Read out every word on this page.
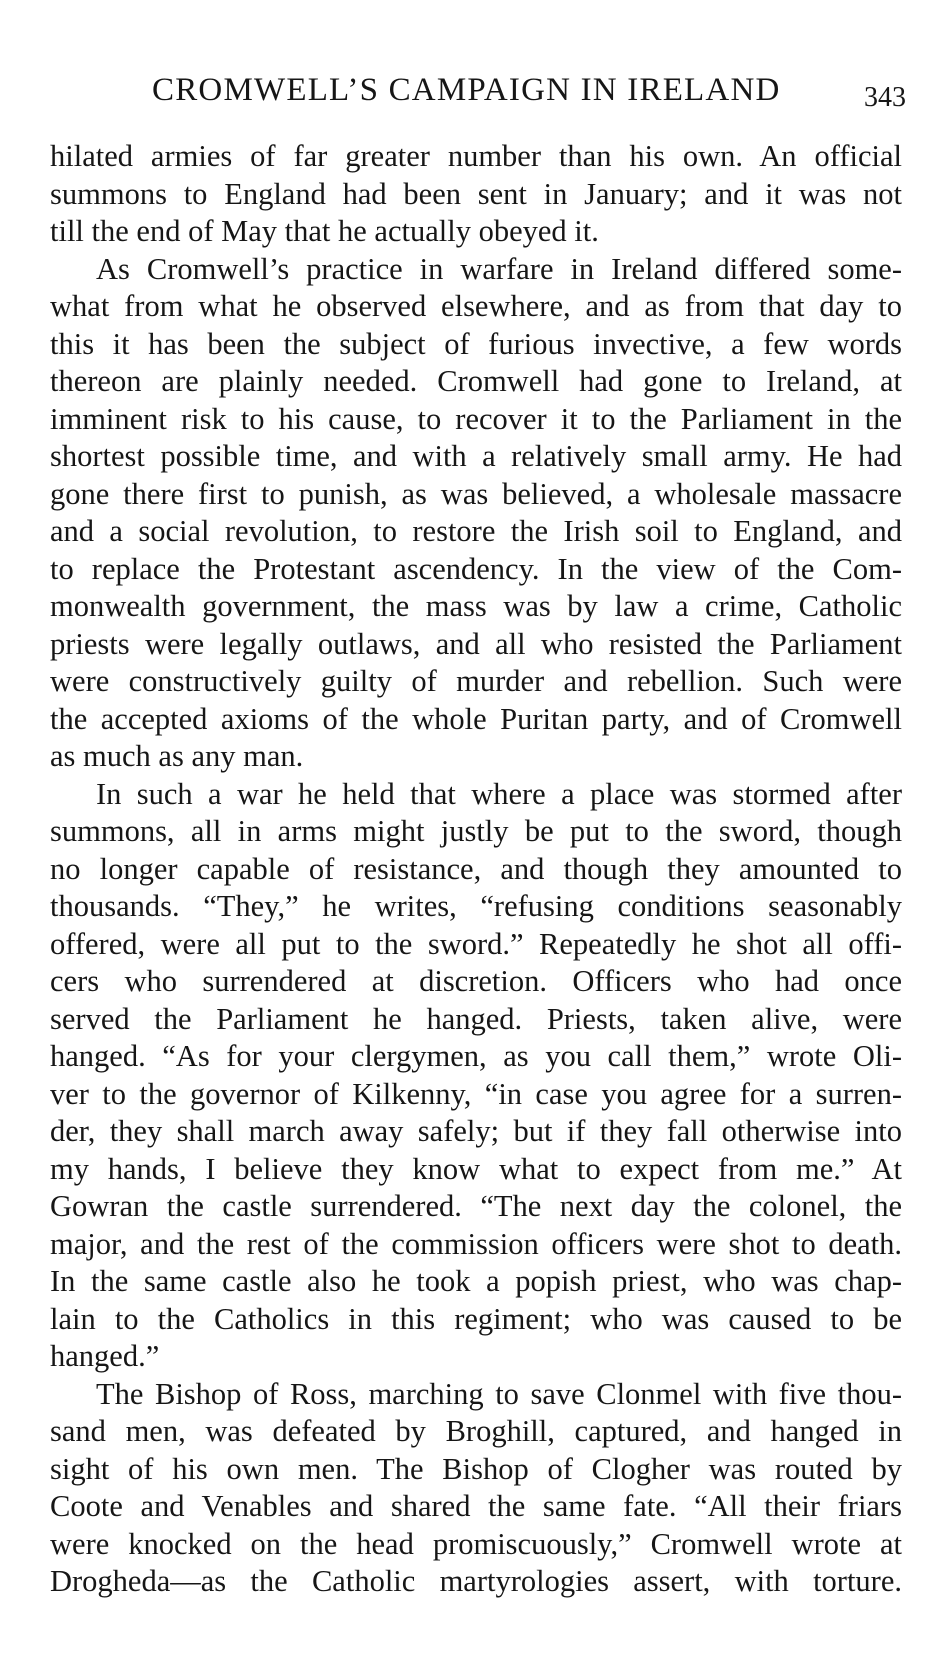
CROMWELL’S CAMPAIGN IN IRELAND	343
hilated armies of far greater number than his own. An official
summons to England had been sent in January; and it was not
till the end of May that he actually obeyed it.
As Cromwell’s practice in warfare in Ireland differed some-
what from what he observed elsewhere, and as from that day to
this it has been the subject of furious invective, a few words
thereon are plainly needed. Cromwell had gone to Ireland, at
imminent risk to his cause, to recover it to the Parliament in the
shortest possible time, and with a relatively small army. He had
gone there first to punish, as was believed, a wholesale massacre
and a social revolution, to restore the Irish soil to England, and
to replace the Protestant ascendency. In the view of the Com-
monwealth government, the mass was by law a crime, Catholic
priests were legally outlaws, and all who resisted the Parliament
were constructively guilty of murder and rebellion. Such were
the accepted axioms of the whole Puritan party, and of Cromwell
as much as any man.
In such a war he held that where a place was stormed after
summons, all in arms might justly be put to the sword, though
no longer capable of resistance, and though they amounted to
thousands. “They,” he writes, “refusing conditions seasonably
offered, were all put to the sword.” Repeatedly he shot all offi-
cers who surrendered at discretion. Officers who had once
served the Parliament he hanged. Priests, taken alive, were
hanged. “As for your clergymen, as you call them,” wrote Oli-
ver to the governor of Kilkenny, “in case you agree for a surren-
der, they shall march away safely; but if they fall otherwise into
my hands, I believe they know what to expect from me.” At
Gowran the castle surrendered. “The next day the colonel, the
major, and the rest of the commission officers were shot to death.
In the same castle also he took a popish priest, who was chap-
lain to the Catholics in this regiment; who was caused to be
hanged.”
The Bishop of Ross, marching to save Clonmel with five thou-
sand men, was defeated by Broghill, captured, and hanged in
sight of his own men. The Bishop of Clogher was routed by
Coote and Venables and shared the same fate. “All their friars
were knocked on the head promiscuously,” Cromwell wrote at
Drogheda—as the Catholic martyrologies assert, with torture.
